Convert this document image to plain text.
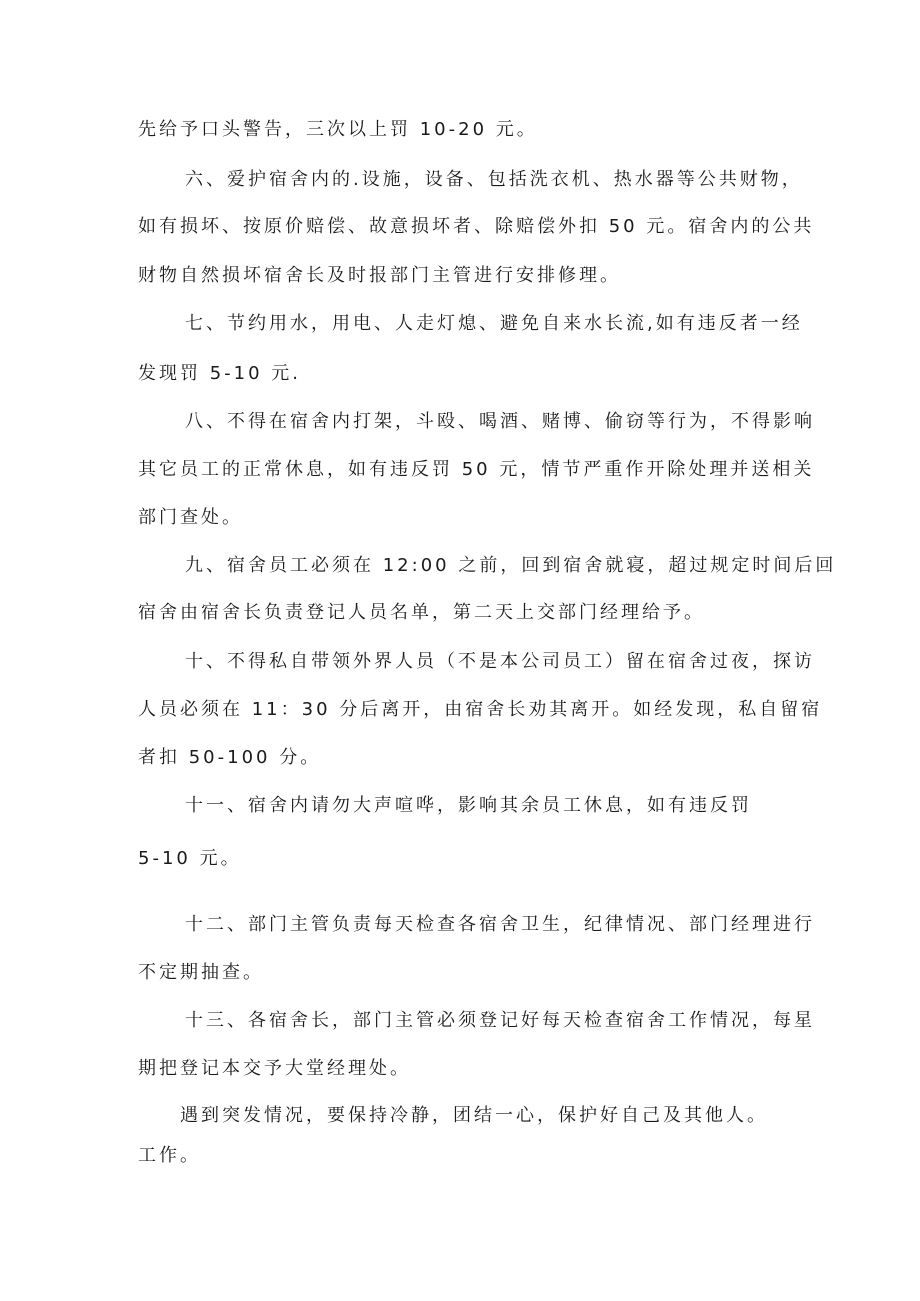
先给予口头警告，三次以上罚 10-20 元。
六、爱护宿舍内的.设施，设备、包括洗衣机、热水器等公共财物，
如有损坏、按原价赔偿、故意损坏者、除赔偿外扣 50 元。宿舍内的公共
财物自然损坏宿舍长及时报部门主管进行安排修理。
七、节约用水，用电、人走灯熄、避免自来水长流,如有违反者一经
发现罚 5-10 元.
八、不得在宿舍内打架，斗殴、喝酒、赌博、偷窃等行为，不得影响
其它员工的正常休息，如有违反罚 50 元，情节严重作开除处理并送相关
部门查处。
九、宿舍员工必须在 12:00 之前，回到宿舍就寝，超过规定时间后回
宿舍由宿舍长负责登记人员名单，第二天上交部门经理给予。
十、不得私自带领外界人员（不是本公司员工）留在宿舍过夜，探访
人员必须在 11：30 分后离开，由宿舍长劝其离开。如经发现，私自留宿
者扣 50-100 分。
十一、宿舍内请勿大声喧哗，影响其余员工休息，如有违反罚
5-10 元。
十二、部门主管负责每天检查各宿舍卫生，纪律情况、部门经理进行
不定期抽查。
十三、各宿舍长，部门主管必须登记好每天检查宿舍工作情况，每星
期把登记本交予大堂经理处。
遇到突发情况，要保持冷静，团结一心，保护好自己及其他人。
工作。
